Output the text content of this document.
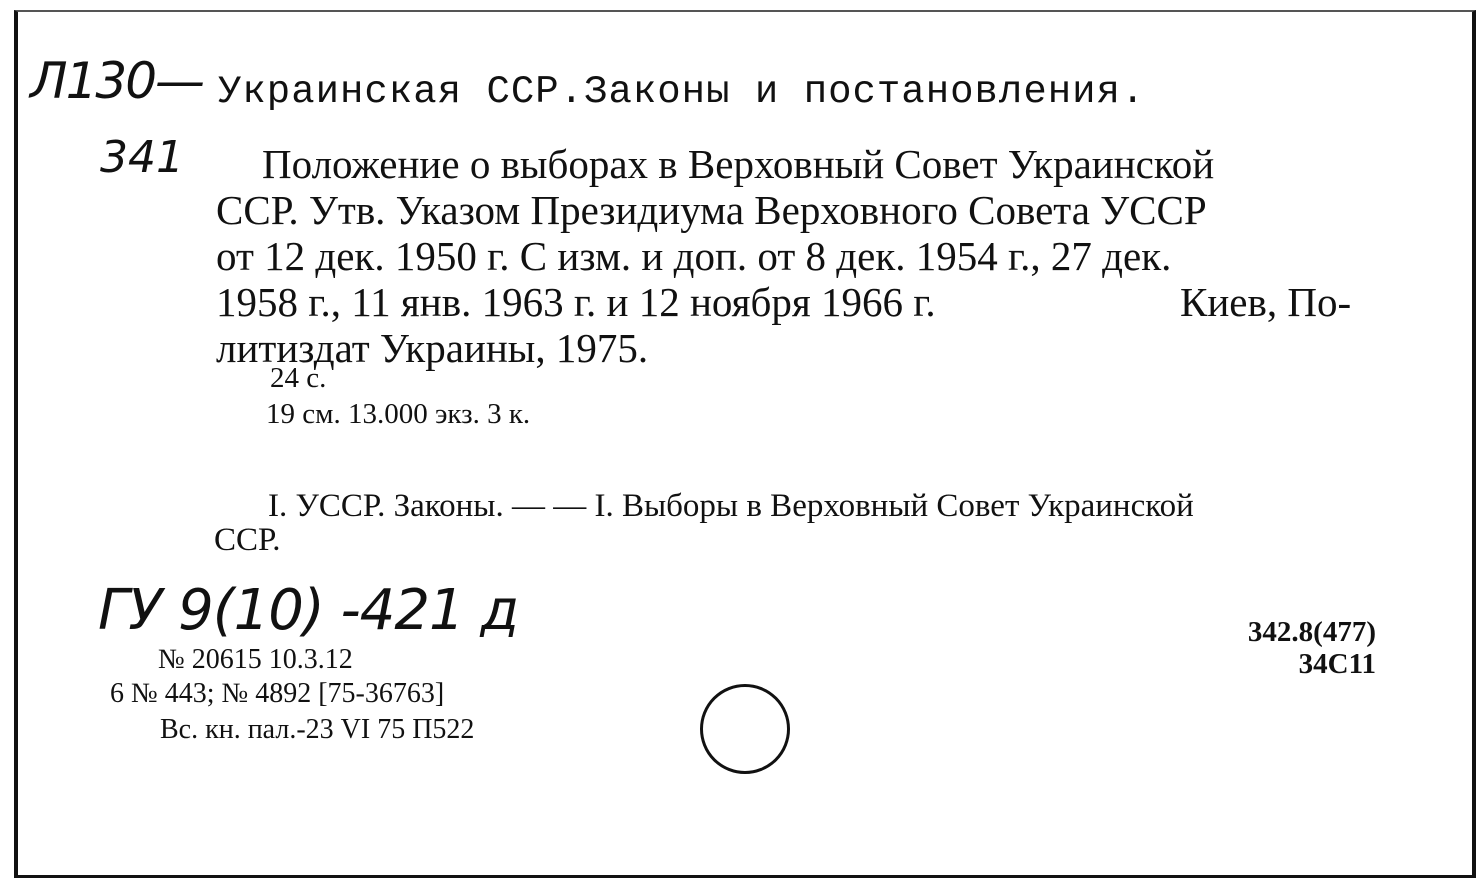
Л130—
341
Украинская ССР.Законы и постановления.
Положение о выборах в Верховный Совет Украинской
ССР. Утв. Указом Президиума Верховного Совета УССР
от 12 дек. 1950 г. С изм. и доп. от 8 дек. 1954 г., 27 дек.
1958 г., 11 янв. 1963 г. и 12 ноября 1966 г.	Киев, По-
литиздат Украины, 1975.
24 с.
19 см. 13.000 экз. 3 к.
I. УССР. Законы. — — I. Выборы в Верховный Совет Украинской
ССР.
ГУ 9(10) -421 д
№ 20615 10.3.12
6 № 443; № 4892 [75-36763]
Вс. кн. пал.-23 VI 75 П522
342.8(477)
34С11
